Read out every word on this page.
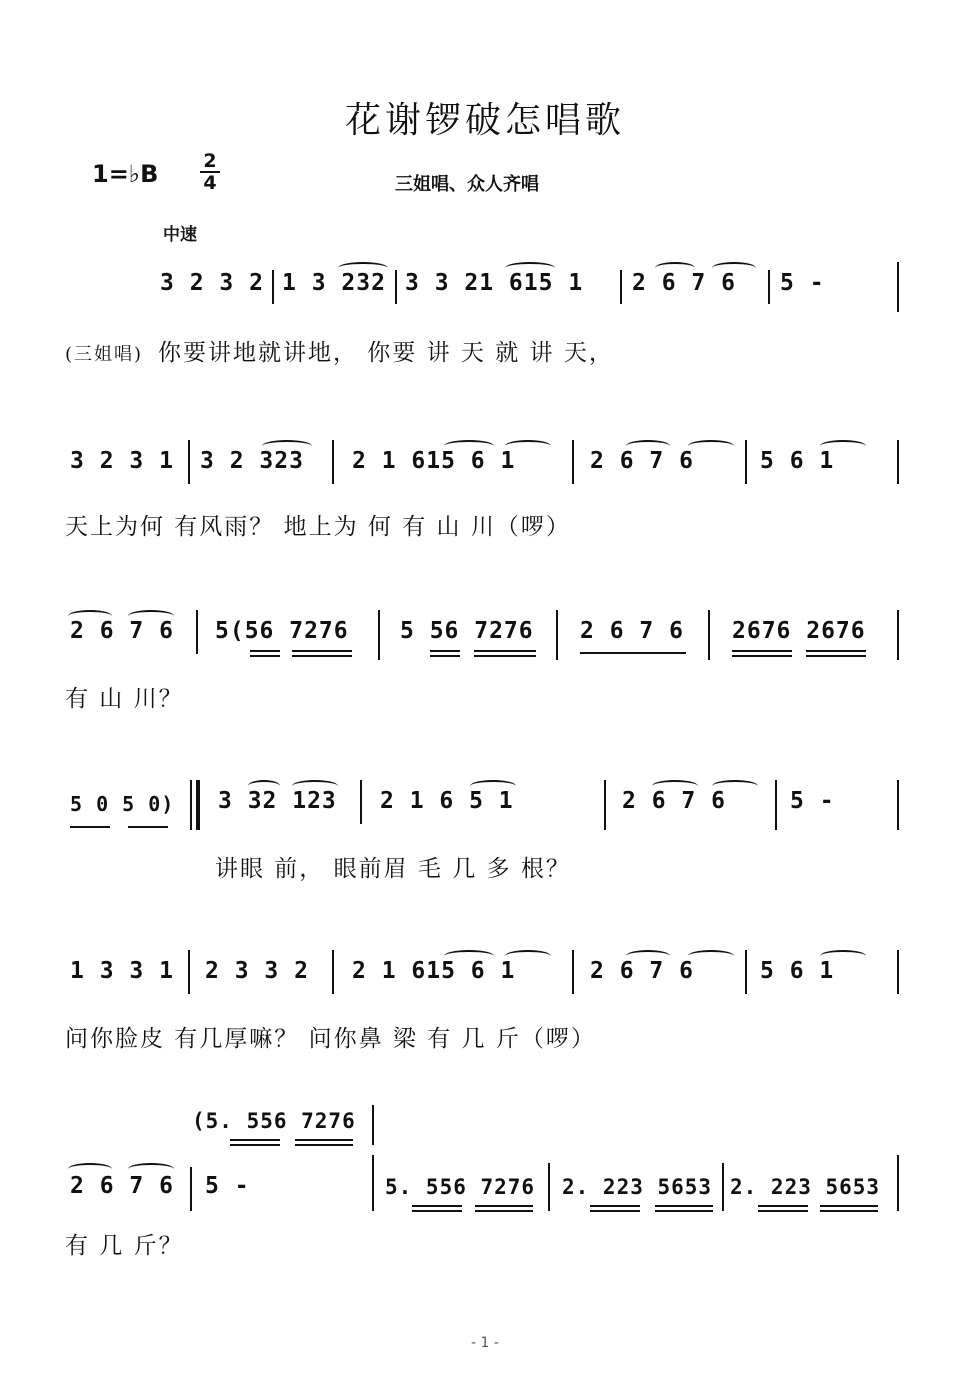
花谢锣破怎唱歌
1=♭B 2
4	三姐唱、众人齐唱
中速
3 2 3 2 1 3 232 3 3 21 615 1 2 6 7 6 5 -
(三姐唱) 你要讲地就讲地， 你要 讲 天 就 讲 天，
3 2 3 1 3 2 323 2 1 615 6 1	2 6 7 6	5 6 1
天上为何 有风雨？ 地上为 何 有 山 川（啰）
2 6 7 6 5(56 7276 5 56 7276 2 6 7 6 2676 2676
有 山 川？
5 0 5 0) 3 32 123 2 1 6 5 1	2 6 7 6	5 -
讲眼 前， 眼前眉 毛 几 多 根？
1 3 3 1 2 3 3 2 2 1 615 6 1	2 6 7 6	5 6 1
问你脸皮 有几厚嘛？ 问你鼻 梁 有 几 斤（啰）
(5. 556 7276
2 6 7 6 5 -	5. 556 7276 2. 223 5653 2. 223 5653
有 几 斤？
- 1 -
